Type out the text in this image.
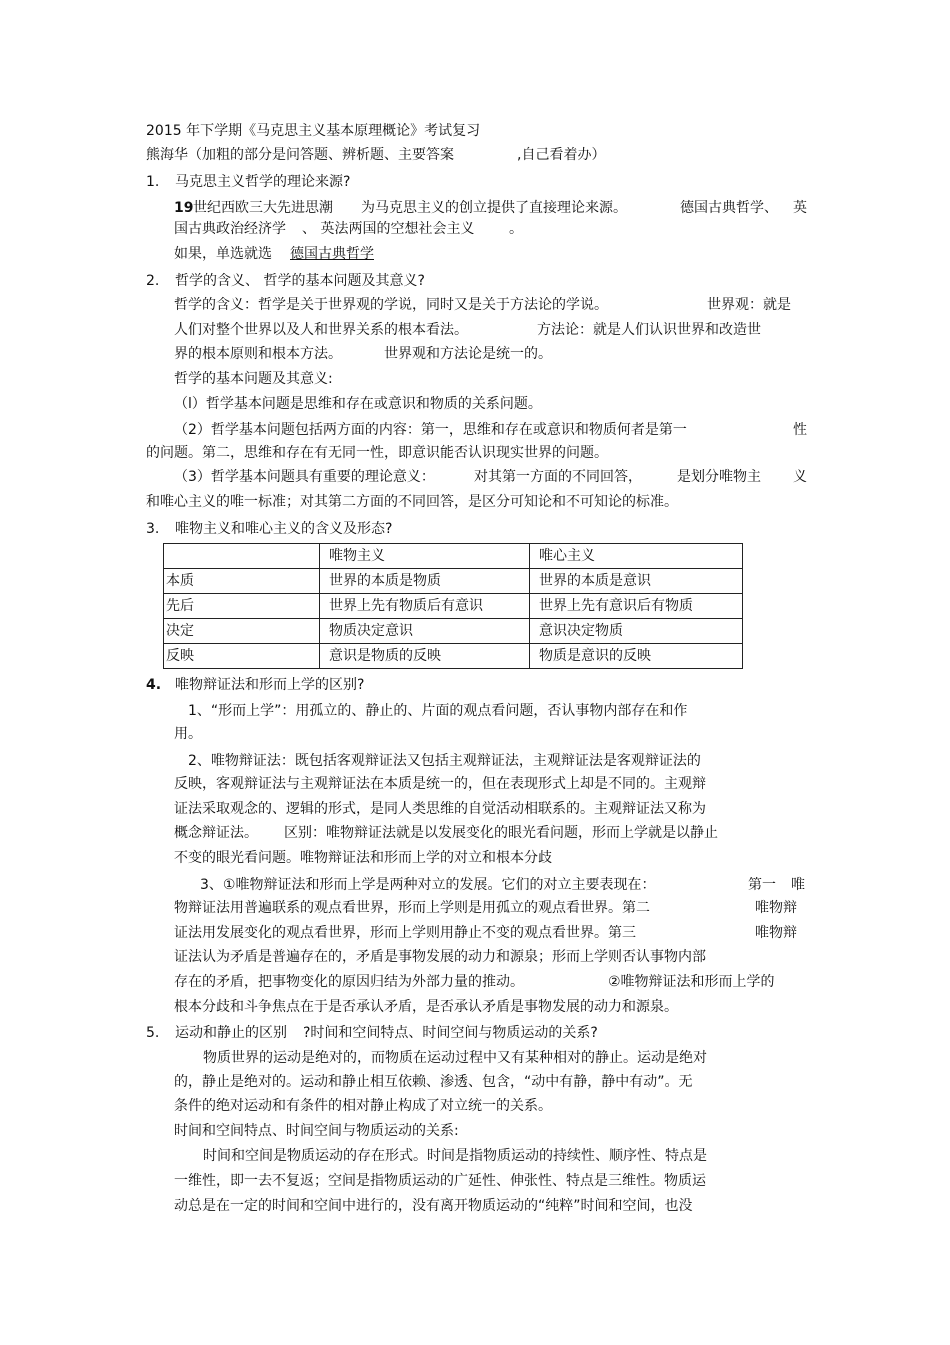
2015 年下学期《马克思主义基本原理概论》考试复习
熊海华（加粗的部分是问答题、辨析题、主要答案	,自己看着办）
1. 马克思主义哲学的理论来源?
19 世纪西欧三大先进思潮 为马克思主义的创立提供了直接理论来源。	德国古典哲学、 英
国古典政治经济学 、 英法两国的空想社会主义 。
如果，单选就选 德国古典哲学
2. 哲学的含义、 哲学的基本问题及其意义?
哲学的含义：哲学是关于世界观的学说，同时又是关于方法论的学说。	世界观：就是
人们对整个世界以及人和世界关系的根本看法。	方法论：就是人们认识世界和改造世
界的根本原则和根本方法。	世界观和方法论是统一的。
哲学的基本问题及其意义:
（l）哲学基本问题是思维和存在或意识和物质的关系问题。
（2）哲学基本问题包括两方面的内容：第一，思维和存在或意识和物质何者是第一	性
的问题。第二，思维和存在有无同一性，即意识能否认识现实世界的问题。
（3）哲学基本问题具有重要的理论意义：	对其第一方面的不同回答，	是划分唯物主 义
和唯心主义的唯一标准；对其第二方面的不同回答，是区分可知论和不可知论的标准。
3. 唯物主义和唯心主义的含义及形态?
	唯物主义	唯心主义
本质	世界的本质是物质	世界的本质是意识
先后	世界上先有物质后有意识	世界上先有意识后有物质
决定	物质决定意识	意识决定物质
反映	意识是物质的反映	物质是意识的反映
4. 唯物辩证法和形而上学的区别?
1、“形而上学”：用孤立的、静止的、片面的观点看问题，否认事物内部存在和作
用。
2、唯物辩证法：既包括客观辩证法又包括主观辩证法，主观辩证法是客观辩证法的
反映，客观辩证法与主观辩证法在本质是统一的，但在表现形式上却是不同的。主观辩
证法采取观念的、逻辑的形式，是同人类思维的自觉活动相联系的。主观辩证法又称为
概念辩证法。 区别：唯物辩证法就是以发展变化的眼光看问题，形而上学就是以静止
不变的眼光看问题。唯物辩证法和形而上学的对立和根本分歧
3、①唯物辩证法和形而上学是两种对立的发展。它们的对立主要表现在：	第一 唯
物辩证法用普遍联系的观点看世界，形而上学则是用孤立的观点看世界。第二	唯物辩
证法用发展变化的观点看世界，形而上学则用静止不变的观点看世界。第三	唯物辩
证法认为矛盾是普遍存在的，矛盾是事物发展的动力和源泉；形而上学则否认事物内部
存在的矛盾，把事物变化的原因归结为外部力量的推动。	②唯物辩证法和形而上学的
根本分歧和斗争焦点在于是否承认矛盾，是否承认矛盾是事物发展的动力和源泉。
5. 运动和静止的区别 ?时间和空间特点、时间空间与物质运动的关系?
物质世界的运动是绝对的，而物质在运动过程中又有某种相对的静止。运动是绝对
的，静止是绝对的。运动和静止相互依赖、渗透、包含，“动中有静，静中有动”。无
条件的绝对运动和有条件的相对静止构成了对立统一的关系。
时间和空间特点、时间空间与物质运动的关系:
时间和空间是物质运动的存在形式。时间是指物质运动的持续性、顺序性、特点是
一维性，即一去不复返；空间是指物质运动的广延性、伸张性、特点是三维性。物质运
动总是在一定的时间和空间中进行的，没有离开物质运动的“纯粹”时间和空间，也没
